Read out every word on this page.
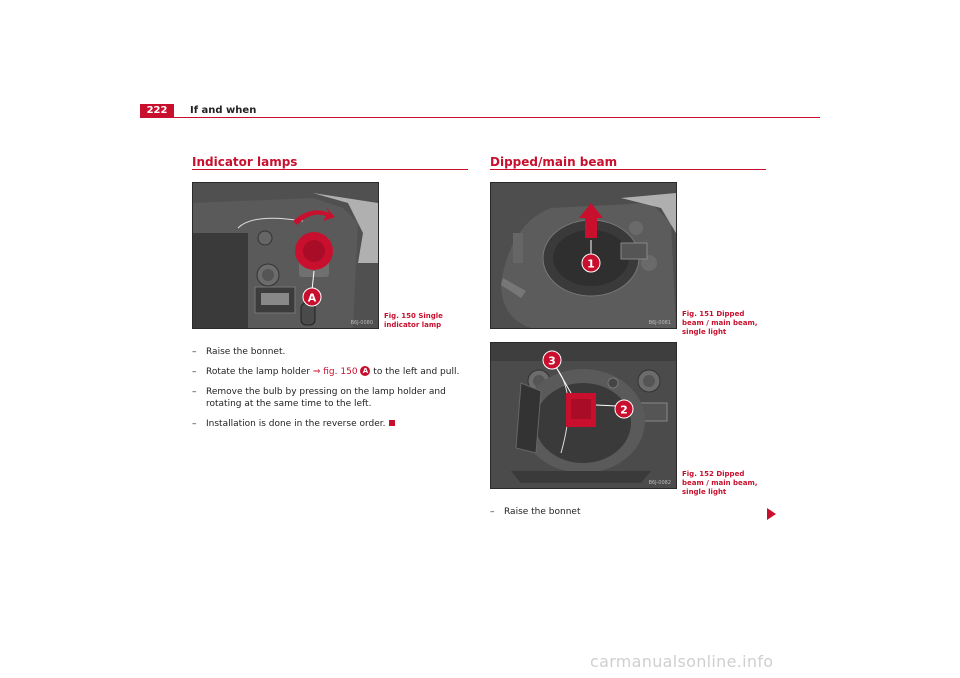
222	If and when
Indicator lamps
A
B6J-0080
Fig. 150 Single indicator lamp
–	Raise the bonnet.
–	Rotate the lamp holder ⇒ fig. 150 A to the left and pull.
–	Remove the bulb by pressing on the lamp holder and rotating at the same time to the left.
–	Installation is done in the reverse order.
Dipped/main beam
1
B6J-0081
Fig. 151 Dipped beam / main beam, single light
3
2
B6J-0082
Fig. 152 Dipped beam / main beam, single light
–	Raise the bonnet
carmanualsonline.info
